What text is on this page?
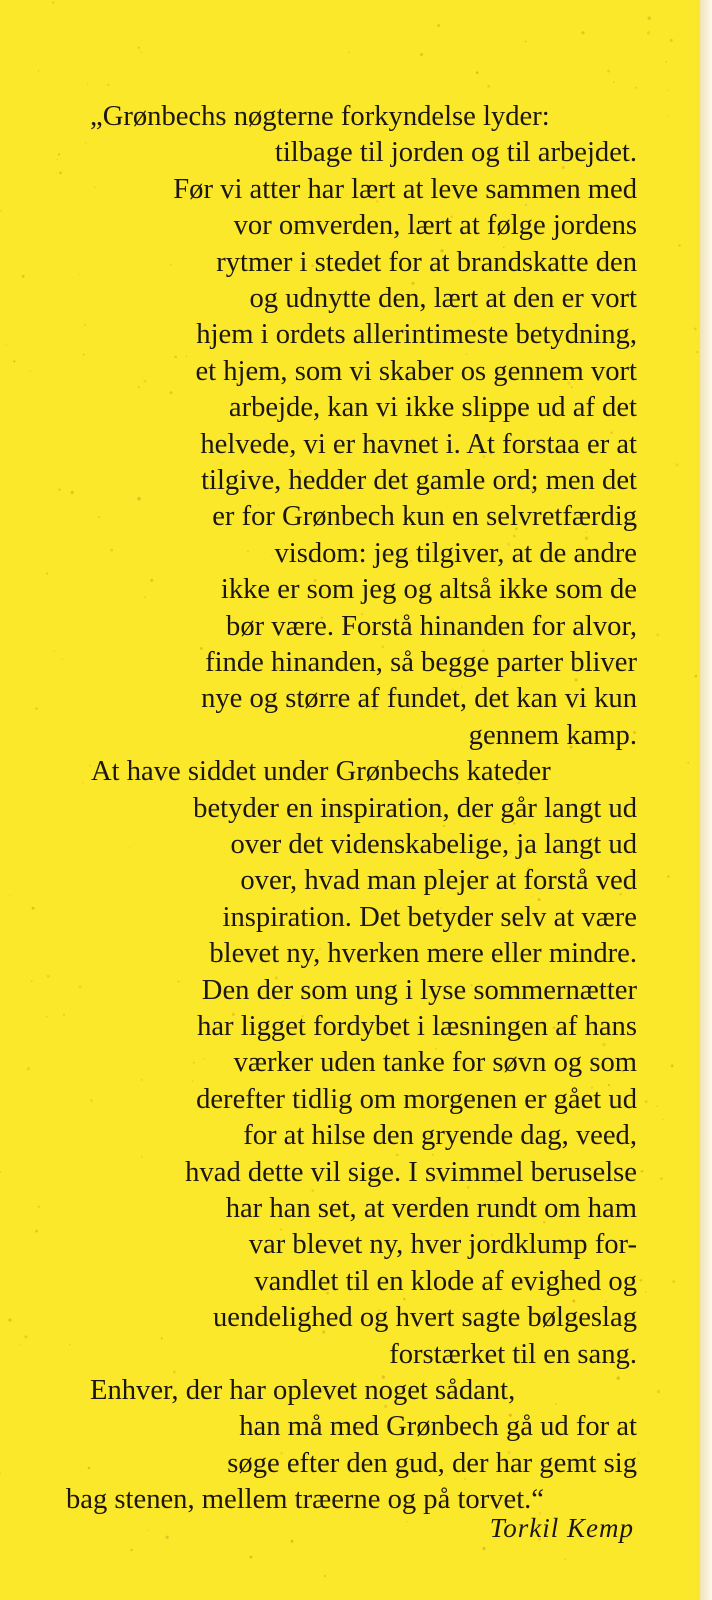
„Grønbechs nøgterne forkyndelse lyder:
tilbage til jorden og til arbejdet.
Før vi atter har lært at leve sammen med
vor omverden, lært at følge jordens
rytmer i stedet for at brandskatte den
og udnytte den, lært at den er vort
hjem i ordets allerintimeste betydning,
et hjem, som vi skaber os gennem vort
arbejde, kan vi ikke slippe ud af det
helvede, vi er havnet i. At forstaa er at
tilgive, hedder det gamle ord; men det
er for Grønbech kun en selvretfærdig
visdom: jeg tilgiver, at de andre
ikke er som jeg og altså ikke som de
bør være. Forstå hinanden for alvor,
finde hinanden, så begge parter bliver
nye og større af fundet, det kan vi kun
gennem kamp.
At have siddet under Grønbechs kateder
betyder en inspiration, der går langt ud
over det videnskabelige, ja langt ud
over, hvad man plejer at forstå ved
inspiration. Det betyder selv at være
blevet ny, hverken mere eller mindre.
Den der som ung i lyse sommernætter
har ligget fordybet i læsningen af hans
værker uden tanke for søvn og som
derefter tidlig om morgenen er gået ud
for at hilse den gryende dag, veed,
hvad dette vil sige. I svimmel beruselse
har han set, at verden rundt om ham
var blevet ny, hver jordklump for-
vandlet til en klode af evighed og
uendelighed og hvert sagte bølgeslag
forstærket til en sang.
Enhver, der har oplevet noget sådant,
han må med Grønbech gå ud for at
søge efter den gud, der har gemt sig
bag stenen, mellem træerne og på torvet.“
Torkil Kemp
